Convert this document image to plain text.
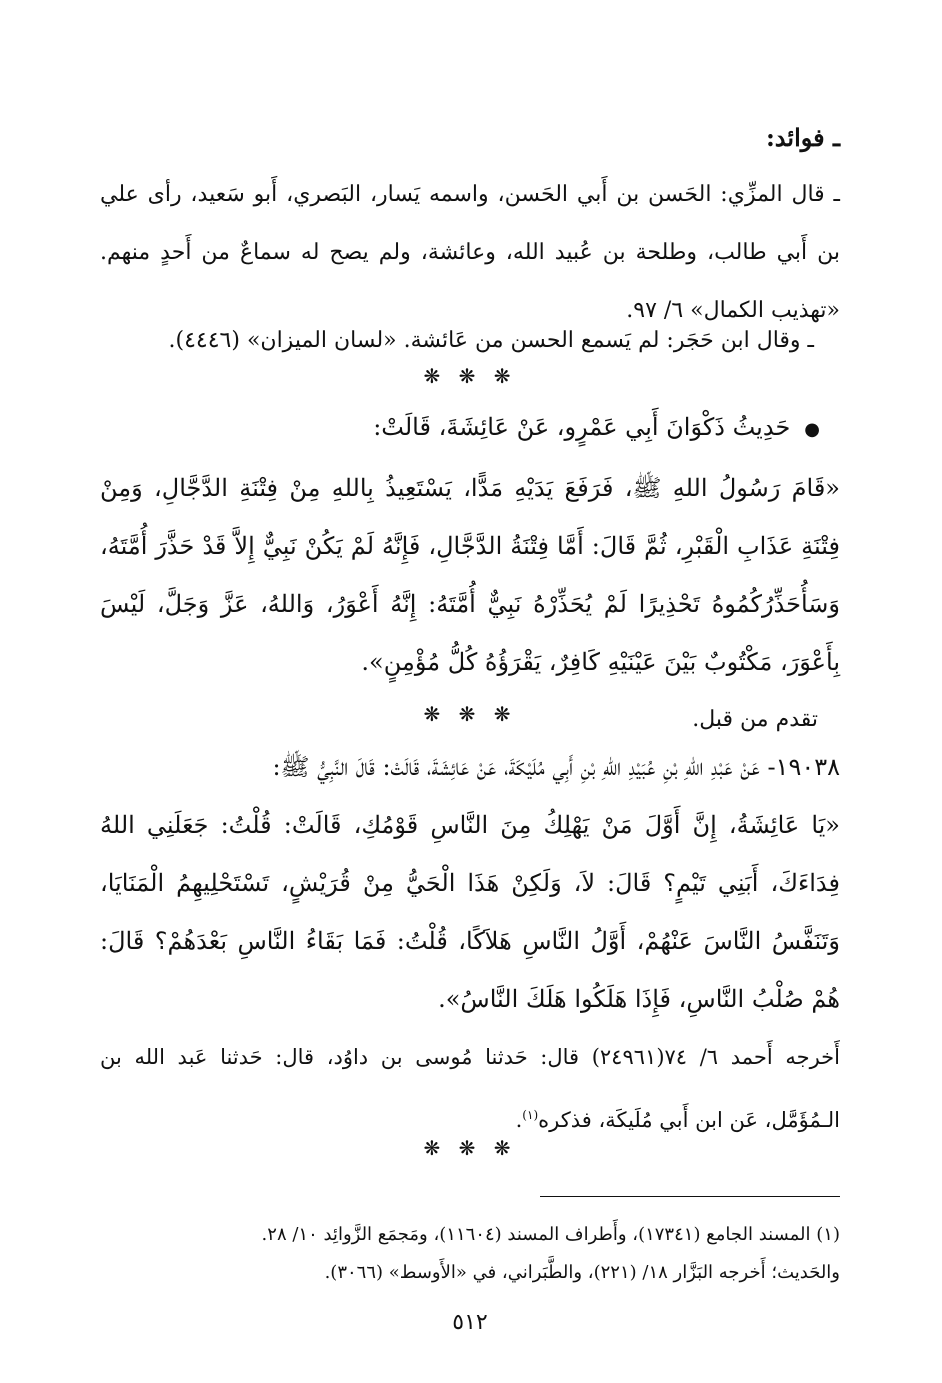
ـ فوائد:

ـ قال المزِّي: الحَسن بن أَبي الحَسن، واسمه يَسار، البَصري، أَبو سَعيد، رأى علي بن أَبي طالب، وطلحة بن عُبيد الله، وعائشة، ولم يصح له سماعٌ من أَحدٍ منهم. «تهذيب الكمال» ٦/ ٩٧.

ـ وقال ابن حَجَر: لم يَسمع الحسن من عَائشة. «لسان الميزان» (٤٤٤٦).

❋ ❋ ❋

●حَدِيثُ ذَكْوَانَ أَبِي عَمْرٍو، عَنْ عَائِشَةَ، قَالَتْ:

«قَامَ رَسُولُ اللهِ ﷺ، فَرَفَعَ يَدَيْهِ مَدًّا، يَسْتَعِيذُ بِاللهِ مِنْ فِتْنَةِ الدَّجَّالِ، وَمِنْ فِتْنَةِ عَذَابِ الْقَبْرِ، ثُمَّ قَالَ: أَمَّا فِتْنَةُ الدَّجَّالِ، فَإِنَّهُ لَمْ يَكُنْ نَبِيٌّ إِلاَّ قَدْ حَذَّرَ أُمَّتَهُ، وَسَأُحَذِّرُكُمُوهُ تَحْذِيرًا لَمْ يُحَذِّرْهُ نَبِيٌّ أُمَّتَهُ: إِنَّهُ أَعْوَرُ، وَاللهُ، عَزَّ وَجَلَّ، لَيْسَ بِأَعْوَرَ، مَكْتُوبٌ بَيْنَ عَيْنَيْهِ كَافِرٌ، يَقْرَؤُهُ كُلُّ مُؤْمِنٍ».

تقدم من قبل.

❋ ❋ ❋

١٩٠٣٨- عَنْ عَبْدِ اللهِ بْنِ عُبَيْدِ اللهِ بْنِ أَبِي مُلَيْكَةَ، عَنْ عَائِشَةَ، قَالَتْ: قَالَ النَّبِيُّ ﷺ:

«يَا عَائِشَةُ، إِنَّ أَوَّلَ مَنْ يَهْلِكُ مِنَ النَّاسِ قَوْمُكِ، قَالَتْ: قُلْتُ: جَعَلَنِي اللهُ فِدَاءَكَ، أَبَنِي تَيْمٍ؟ قَالَ: لاَ، وَلَكِنْ هَذَا الْحَيُّ مِنْ قُرَيْشٍ، تَسْتَحْلِيهِمُ الْمَنَايَا، وَتَنَفَّسُ النَّاسَ عَنْهُمْ، أَوَّلُ النَّاسِ هَلاَكًا، قُلْتُ: فَمَا بَقَاءُ النَّاسِ بَعْدَهُمْ؟ قَالَ: هُمْ صُلْبُ النَّاسِ، فَإِذَا هَلَكُوا هَلَكَ النَّاسُ».

أَخرجه أَحمد ٦/ ٧٤(٢٤٩٦١) قال: حَدثنا مُوسى بن داوُد، قال: حَدثنا عَبد الله بن الـمُؤَمَّل، عَن ابن أَبي مُلَيكَة، فذكره$^{(١)}$.

❋ ❋ ❋

(١) المسند الجامع (١٧٣٤١)، وأَطراف المسند (١١٦٠٤)، ومَجمَع الزَّوائِد ١٠/ ٢٨.

والحَديث؛ أَخرجه البَزَّار ١٨/ (٢٢١)، والطَّبَراني، في «الأَوسط» (٣٠٦٦).

٥١٢
